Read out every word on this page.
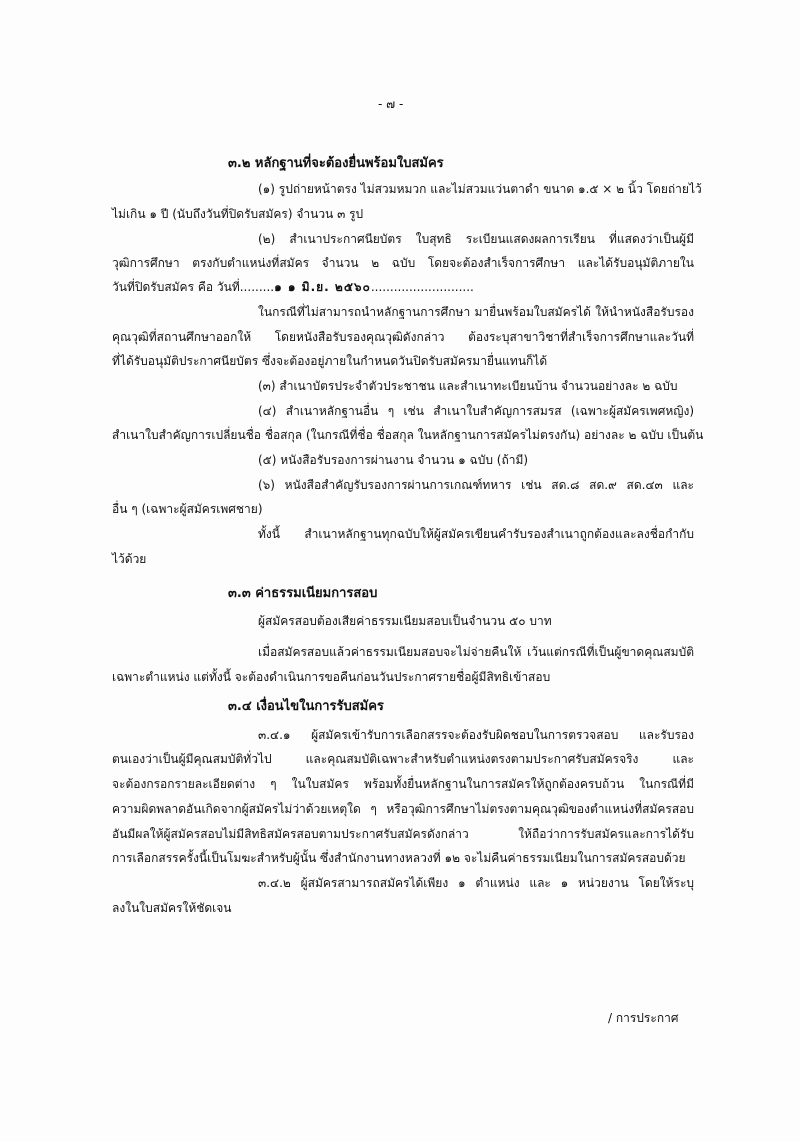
- ๗ -
๓.๒ หลักฐานที่จะต้องยื่นพร้อมใบสมัคร
(๑) รูปถ่ายหน้าตรง ไม่สวมหมวก และไม่สวมแว่นตาดำ ขนาด ๑.๕ × ๒ นิ้ว โดยถ่ายไว้
ไม่เกิน ๑ ปี (นับถึงวันที่ปิดรับสมัคร) จำนวน ๓ รูป
(๒) สำเนาประกาศนียบัตร ใบสุทธิ ระเบียนแสดงผลการเรียน ที่แสดงว่าเป็นผู้มี
วุฒิการศึกษา ตรงกับตำแหน่งที่สมัคร จำนวน ๒ ฉบับ โดยจะต้องสำเร็จการศึกษา และได้รับอนุมัติภายใน
วันที่ปิดรับสมัคร คือ วันที่.........๑ ๑ มิ.ย. ๒๕๖๐...........................
ในกรณีที่ไม่สามารถนำหลักฐานการศึกษา มายื่นพร้อมใบสมัครได้ ให้นำหนังสือรับรอง
คุณวุฒิที่สถานศึกษาออกให้ โดยหนังสือรับรองคุณวุฒิดังกล่าว ต้องระบุสาขาวิชาที่สำเร็จการศึกษาและวันที่
ที่ได้รับอนุมัติประกาศนียบัตร ซึ่งจะต้องอยู่ภายในกำหนดวันปิดรับสมัครมายื่นแทนก็ได้
(๓) สำเนาบัตรประจำตัวประชาชน และสำเนาทะเบียนบ้าน จำนวนอย่างละ ๒ ฉบับ
(๔) สำเนาหลักฐานอื่น ๆ เช่น สำเนาใบสำคัญการสมรส (เฉพาะผู้สมัครเพศหญิง)
สำเนาใบสำคัญการเปลี่ยนชื่อ ชื่อสกุล (ในกรณีที่ชื่อ ชื่อสกุล ในหลักฐานการสมัครไม่ตรงกัน) อย่างละ ๒ ฉบับ เป็นต้น
(๕) หนังสือรับรองการผ่านงาน จำนวน ๑ ฉบับ (ถ้ามี)
(๖) หนังสือสำคัญรับรองการผ่านการเกณฑ์ทหาร เช่น สด.๘ สด.๙ สด.๔๓ และ
อื่น ๆ (เฉพาะผู้สมัครเพศชาย)
ทั้งนี้ สำเนาหลักฐานทุกฉบับให้ผู้สมัครเขียนคำรับรองสำเนาถูกต้องและลงชื่อกำกับ
ไว้ด้วย
๓.๓ ค่าธรรมเนียมการสอบ
ผู้สมัครสอบต้องเสียค่าธรรมเนียมสอบเป็นจำนวน ๕๐ บาท
เมื่อสมัครสอบแล้วค่าธรรมเนียมสอบจะไม่จ่ายคืนให้ เว้นแต่กรณีที่เป็นผู้ขาดคุณสมบัติ
เฉพาะตำแหน่ง แต่ทั้งนี้ จะต้องดำเนินการขอคืนก่อนวันประกาศรายชื่อผู้มีสิทธิเข้าสอบ
๓.๔ เงื่อนไขในการรับสมัคร
๓.๔.๑ ผู้สมัครเข้ารับการเลือกสรรจะต้องรับผิดชอบในการตรวจสอบ และรับรอง
ตนเองว่าเป็นผู้มีคุณสมบัติทั่วไป และคุณสมบัติเฉพาะสำหรับตำแหน่งตรงตามประกาศรับสมัครจริง และ
จะต้องกรอกรายละเอียดต่าง ๆ ในใบสมัคร พร้อมทั้งยื่นหลักฐานในการสมัครให้ถูกต้องครบถ้วน ในกรณีที่มี
ความผิดพลาดอันเกิดจากผู้สมัครไม่ว่าด้วยเหตุใด ๆ หรือวุฒิการศึกษาไม่ตรงตามคุณวุฒิของตำแหน่งที่สมัครสอบ
อันมีผลให้ผู้สมัครสอบไม่มีสิทธิสมัครสอบตามประกาศรับสมัครดังกล่าว ให้ถือว่าการรับสมัครและการได้รับ
การเลือกสรรครั้งนี้เป็นโมฆะสำหรับผู้นั้น ซึ่งสำนักงานทางหลวงที่ ๑๒ จะไม่คืนค่าธรรมเนียมในการสมัครสอบด้วย
๓.๔.๒ ผู้สมัครสามารถสมัครได้เพียง ๑ ตำแหน่ง และ ๑ หน่วยงาน โดยให้ระบุ
ลงในใบสมัครให้ชัดเจน
/ การประกาศ
